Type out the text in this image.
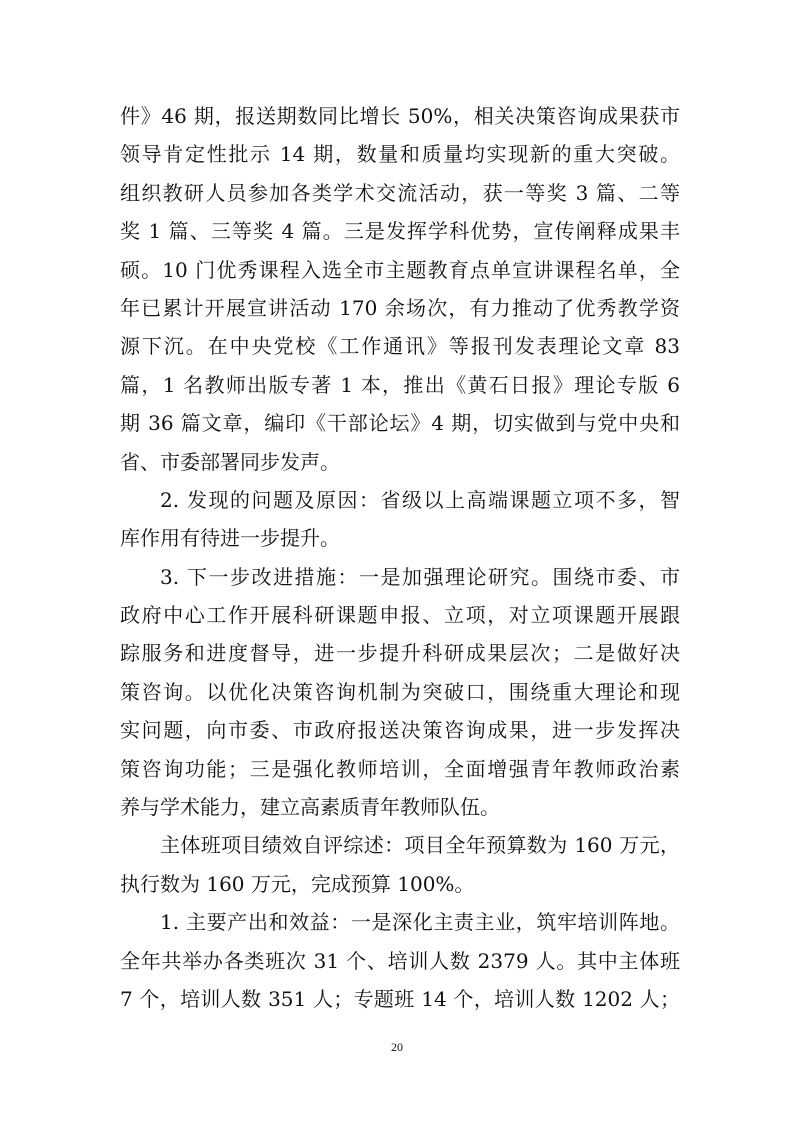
件》46 期，报送期数同比增长 50%，相关决策咨询成果获市
领导肯定性批示 14 期，数量和质量均实现新的重大突破。
组织教研人员参加各类学术交流活动，获一等奖 3 篇、二等
奖 1 篇、三等奖 4 篇。三是发挥学科优势，宣传阐释成果丰
硕。10 门优秀课程入选全市主题教育点单宣讲课程名单，全
年已累计开展宣讲活动 170 余场次，有力推动了优秀教学资
源下沉。在中央党校《工作通讯》等报刊发表理论文章 83
篇，1 名教师出版专著 1 本，推出《黄石日报》理论专版 6
期 36 篇文章，编印《干部论坛》4 期，切实做到与党中央和
省、市委部署同步发声。
2. 发现的问题及原因：省级以上高端课题立项不多，智
库作用有待进一步提升。
3. 下一步改进措施：一是加强理论研究。围绕市委、市
政府中心工作开展科研课题申报、立项，对立项课题开展跟
踪服务和进度督导，进一步提升科研成果层次；二是做好决
策咨询。以优化决策咨询机制为突破口，围绕重大理论和现
实问题，向市委、市政府报送决策咨询成果，进一步发挥决
策咨询功能；三是强化教师培训，全面增强青年教师政治素
养与学术能力，建立高素质青年教师队伍。
主体班项目绩效自评综述：项目全年预算数为 160 万元，
执行数为 160 万元，完成预算 100%。
1. 主要产出和效益：一是深化主责主业，筑牢培训阵地。
全年共举办各类班次 31 个、培训人数 2379 人。其中主体班
7 个，培训人数 351 人；专题班 14 个，培训人数 1202 人；
20
